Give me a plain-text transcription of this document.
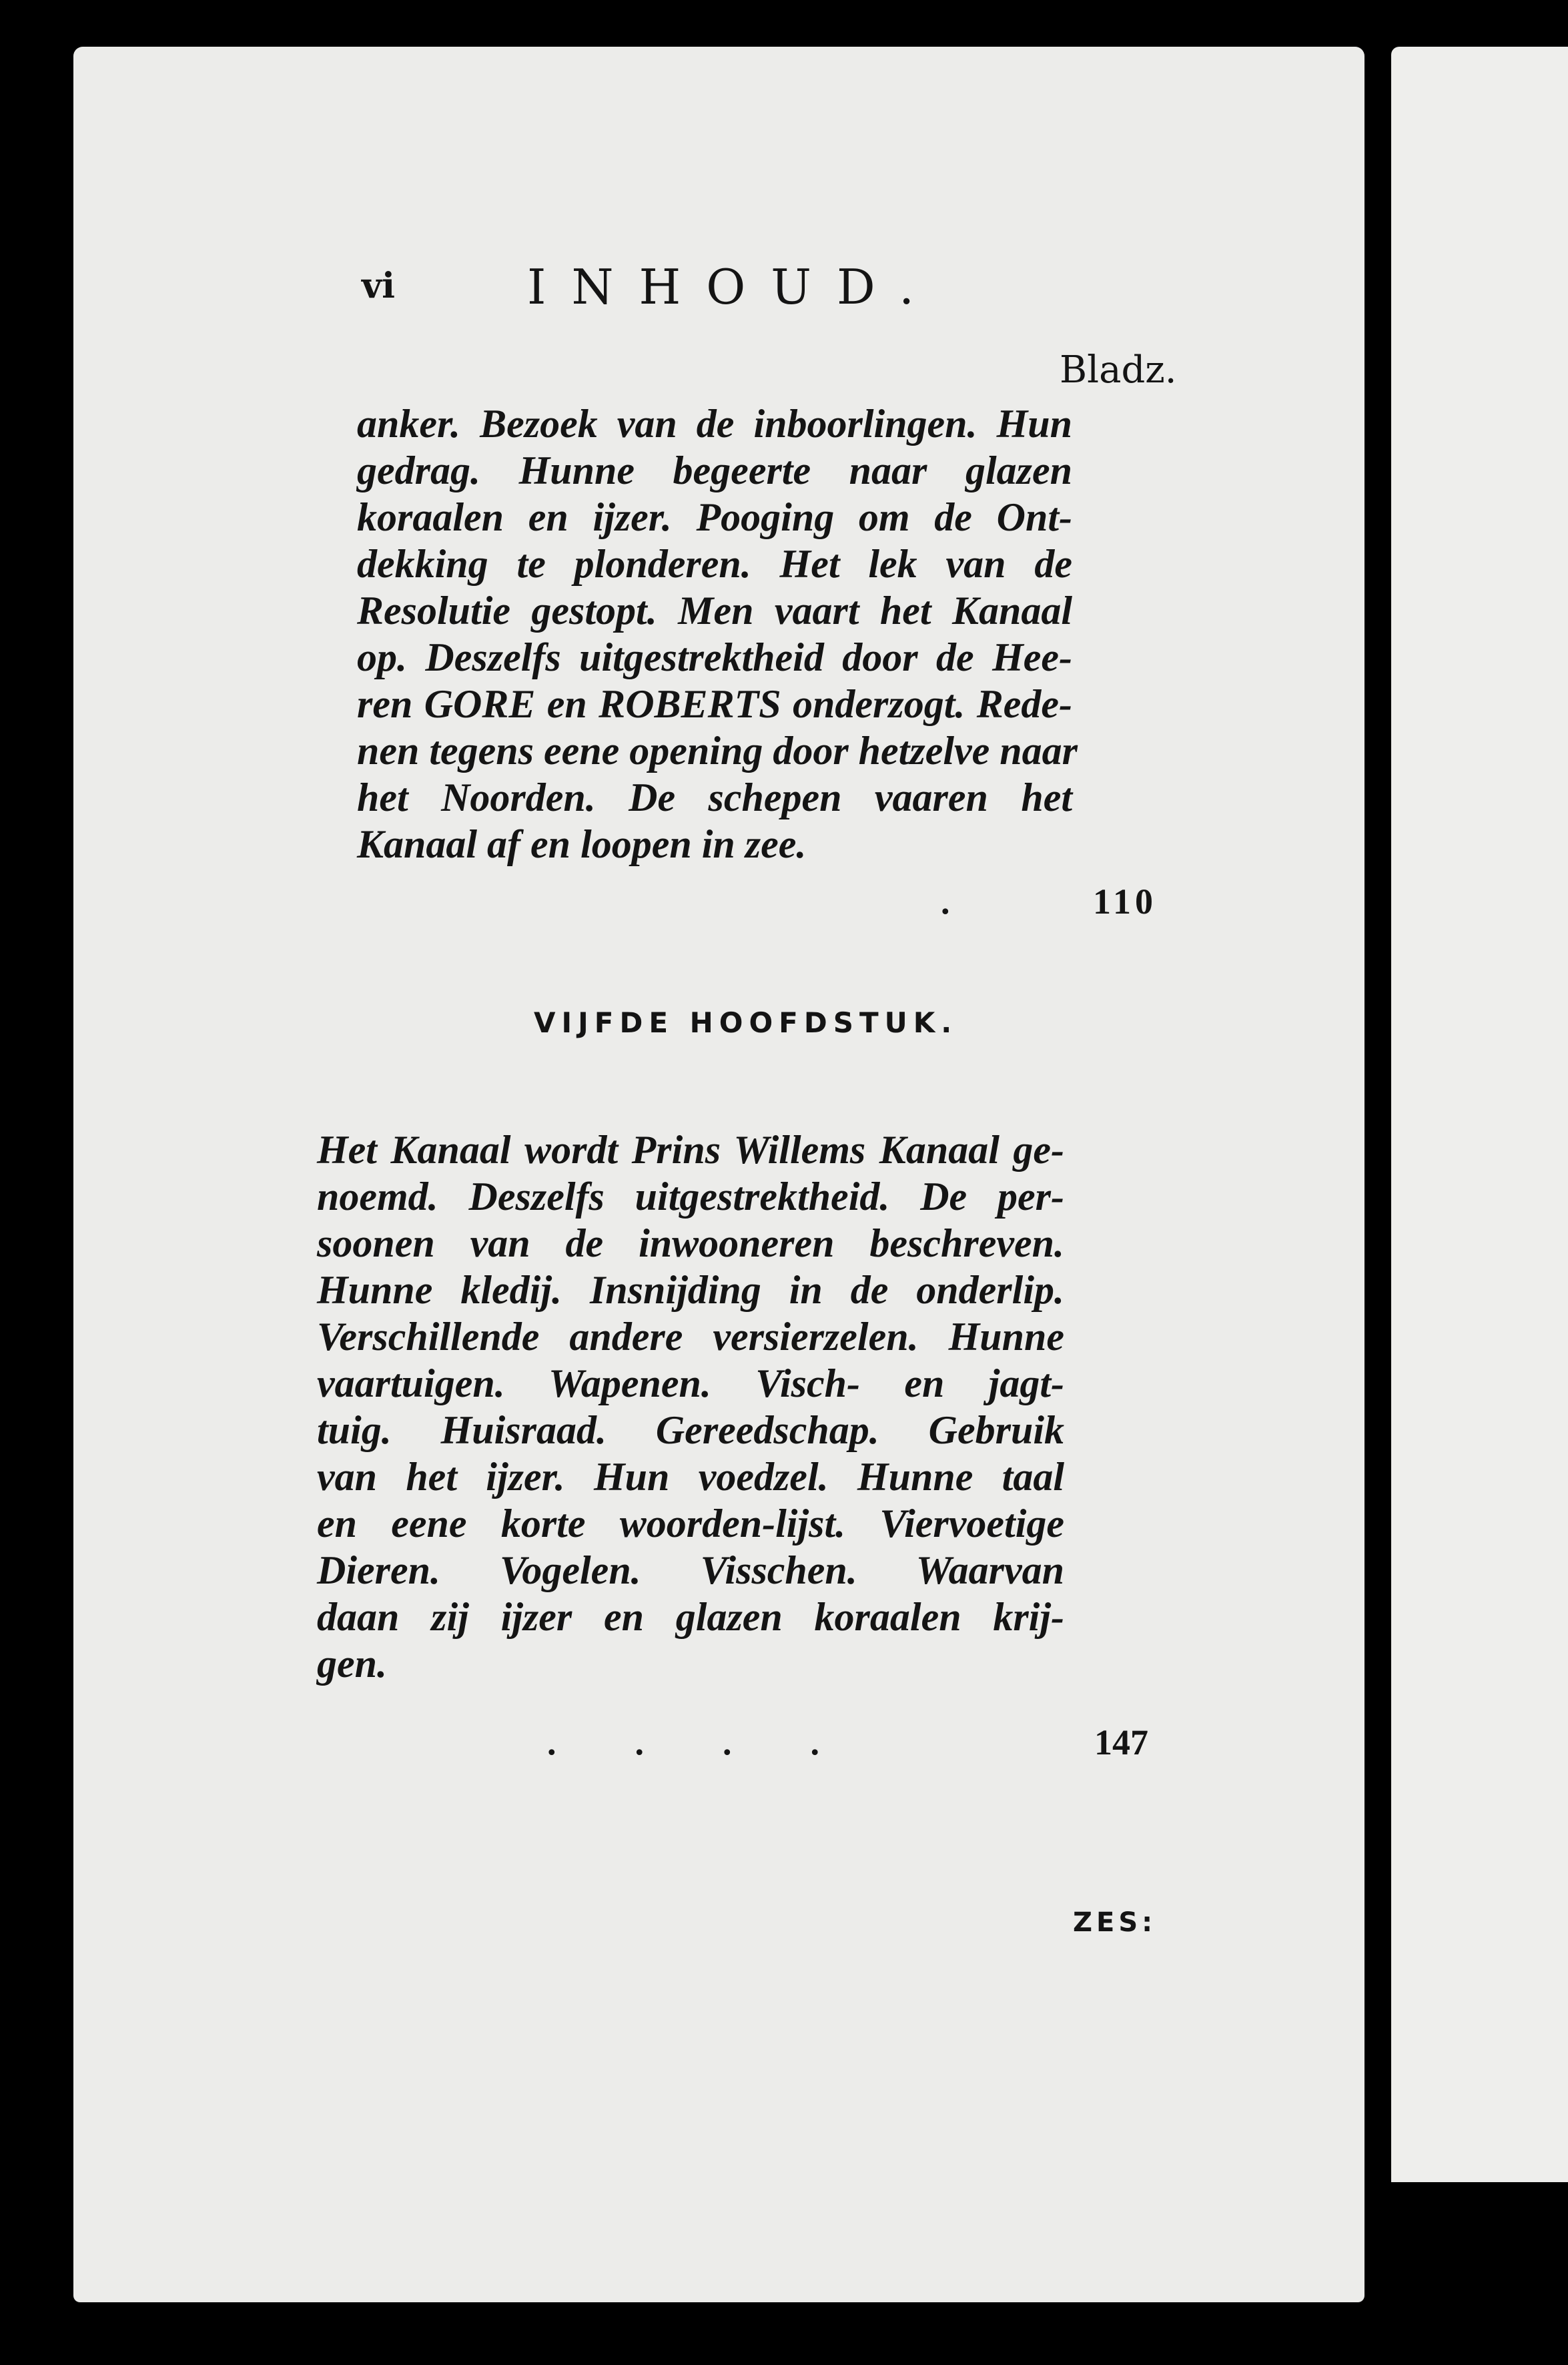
vi	INHOUD.
Bladz.
anker. Bezoek van de inboorlingen. Hun
gedrag. Hunne begeerte naar glazen
koraalen en ijzer. Pooging om de Ont-
dekking te plonderen. Het lek van de
Resolutie gestopt. Men vaart het Kanaal
op. Deszelfs uitgestrektheid door de Hee-
ren GORE en ROBERTS onderzogt. Rede-
nen tegens eene opening door hetzelve naar
het Noorden. De schepen vaaren het
Kanaal af en loopen in zee.
.	110
VIJFDE HOOFDSTUK.
Het Kanaal wordt Prins Willems Kanaal ge-
noemd. Deszelfs uitgestrektheid. De per-
soonen van de inwooneren beschreven.
Hunne kledij. Insnijding in de onderlip.
Verschillende andere versierzelen. Hunne
vaartuigen. Wapenen. Visch- en jagt-
tuig. Huisraad. Gereedschap. Gebruik
van het ijzer. Hun voedzel. Hunne taal
en eene korte woorden-lijst. Viervoetige
Dieren. Vogelen. Visschen. Waarvan
daan zij ijzer en glazen koraalen krij-
gen.
....	147
ZES:
